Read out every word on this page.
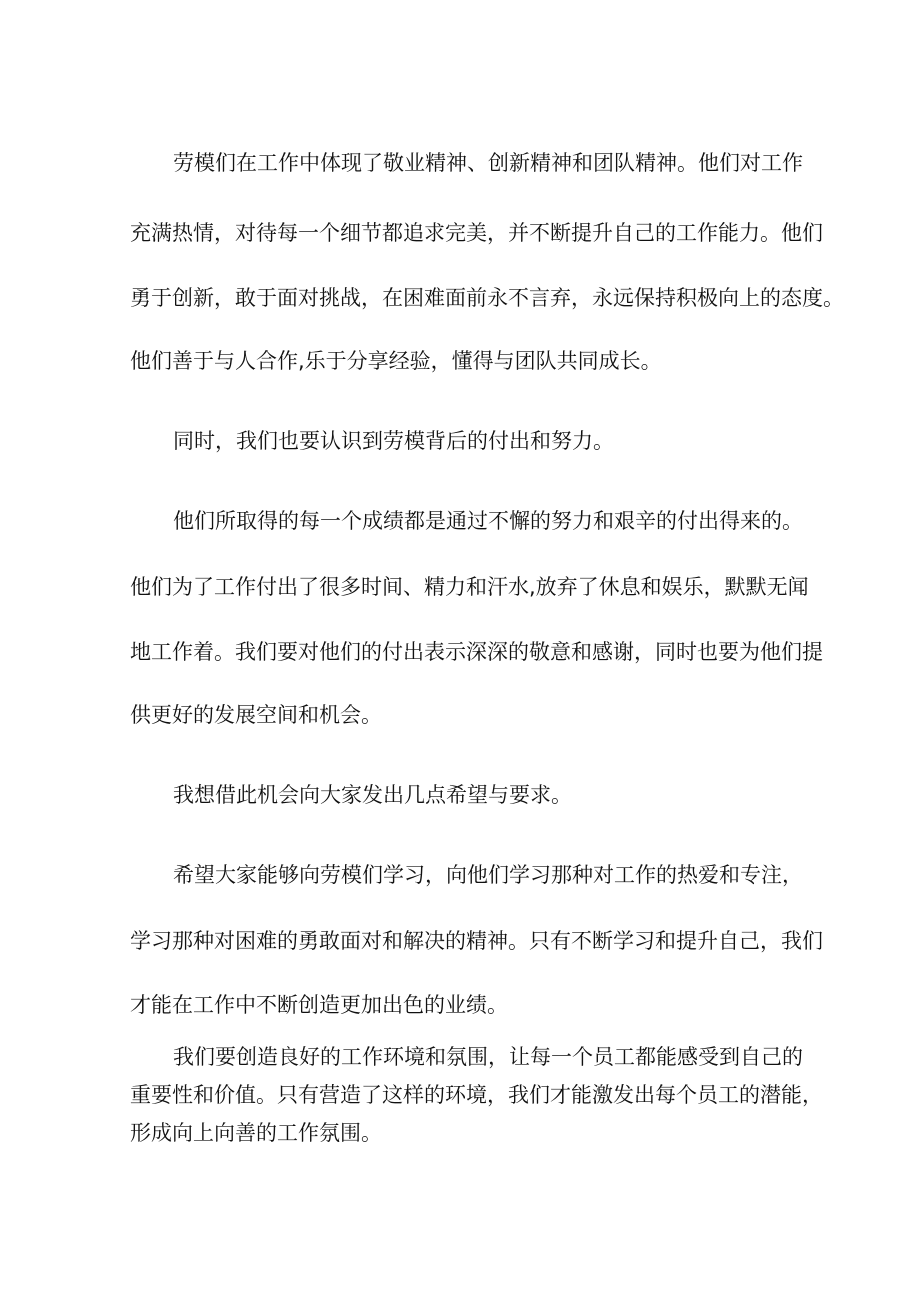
劳模们在工作中体现了敬业精神、创新精神和团队精神。他们对工作
充满热情，对待每一个细节都追求完美，并不断提升自己的工作能力。他们
勇于创新，敢于面对挑战，在困难面前永不言弃，永远保持积极向上的态度。
他们善于与人合作,乐于分享经验，懂得与团队共同成长。
同时，我们也要认识到劳模背后的付出和努力。
他们所取得的每一个成绩都是通过不懈的努力和艰辛的付出得来的。
他们为了工作付出了很多时间、精力和汗水,放弃了休息和娱乐，默默无闻
地工作着。我们要对他们的付出表示深深的敬意和感谢，同时也要为他们提
供更好的发展空间和机会。
我想借此机会向大家发出几点希望与要求。
希望大家能够向劳模们学习，向他们学习那种对工作的热爱和专注，
学习那种对困难的勇敢面对和解决的精神。只有不断学习和提升自己，我们
才能在工作中不断创造更加出色的业绩。
我们要创造良好的工作环境和氛围，让每一个员工都能感受到自己的
重要性和价值。只有营造了这样的环境，我们才能激发出每个员工的潜能，
形成向上向善的工作氛围。
